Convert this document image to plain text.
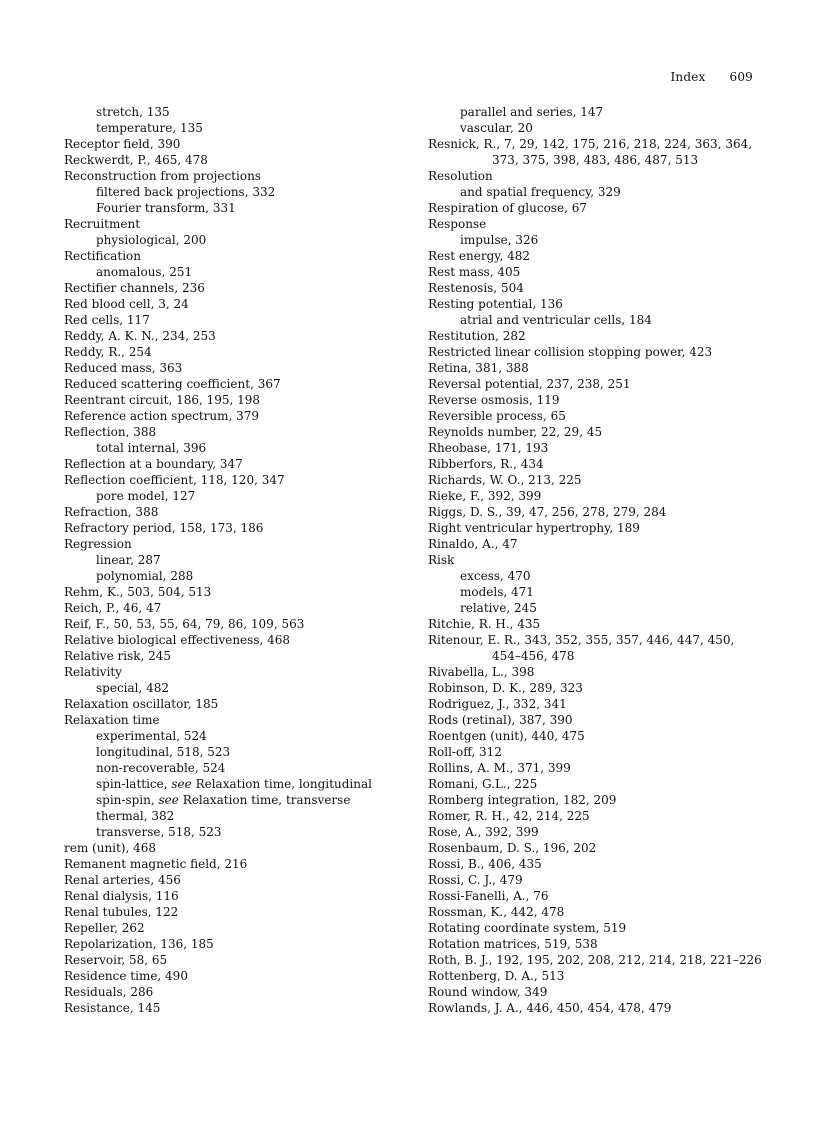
Index 609
stretch, 135
temperature, 135
Receptor field, 390
Reckwerdt, P., 465, 478
Reconstruction from projections
filtered back projections, 332
Fourier transform, 331
Recruitment
physiological, 200
Rectification
anomalous, 251
Rectifier channels, 236
Red blood cell, 3, 24
Red cells, 117
Reddy, A. K. N., 234, 253
Reddy, R., 254
Reduced mass, 363
Reduced scattering coefficient, 367
Reentrant circuit, 186, 195, 198
Reference action spectrum, 379
Reflection, 388
total internal, 396
Reflection at a boundary, 347
Reflection coefficient, 118, 120, 347
pore model, 127
Refraction, 388
Refractory period, 158, 173, 186
Regression
linear, 287
polynomial, 288
Rehm, K., 503, 504, 513
Reich, P., 46, 47
Reif, F., 50, 53, 55, 64, 79, 86, 109, 563
Relative biological effectiveness, 468
Relative risk, 245
Relativity
special, 482
Relaxation oscillator, 185
Relaxation time
experimental, 524
longitudinal, 518, 523
non-recoverable, 524
spin-lattice, see Relaxation time, longitudinal
spin-spin, see Relaxation time, transverse
thermal, 382
transverse, 518, 523
rem (unit), 468
Remanent magnetic field, 216
Renal arteries, 456
Renal dialysis, 116
Renal tubules, 122
Repeller, 262
Repolarization, 136, 185
Reservoir, 58, 65
Residence time, 490
Residuals, 286
Resistance, 145
parallel and series, 147
vascular, 20
Resnick, R., 7, 29, 142, 175, 216, 218, 224, 363, 364, 373, 375, 398, 483, 486, 487, 513
Resolution
and spatial frequency, 329
Respiration of glucose, 67
Response
impulse, 326
Rest energy, 482
Rest mass, 405
Restenosis, 504
Resting potential, 136
atrial and ventricular cells, 184
Restitution, 282
Restricted linear collision stopping power, 423
Retina, 381, 388
Reversal potential, 237, 238, 251
Reverse osmosis, 119
Reversible process, 65
Reynolds number, 22, 29, 45
Rheobase, 171, 193
Ribberfors, R., 434
Richards, W. O., 213, 225
Rieke, F., 392, 399
Riggs, D. S., 39, 47, 256, 278, 279, 284
Right ventricular hypertrophy, 189
Rinaldo, A., 47
Risk
excess, 470
models, 471
relative, 245
Ritchie, R. H., 435
Ritenour, E. R., 343, 352, 355, 357, 446, 447, 450, 454–456, 478
Rivabella, L., 398
Robinson, D. K., 289, 323
Rodriguez, J., 332, 341
Rods (retinal), 387, 390
Roentgen (unit), 440, 475
Roll-off, 312
Rollins, A. M., 371, 399
Romani, G.L., 225
Romberg integration, 182, 209
Romer, R. H., 42, 214, 225
Rose, A., 392, 399
Rosenbaum, D. S., 196, 202
Rossi, B., 406, 435
Rossi, C. J., 479
Rossi-Fanelli, A., 76
Rossman, K., 442, 478
Rotating coordinate system, 519
Rotation matrices, 519, 538
Roth, B. J., 192, 195, 202, 208, 212, 214, 218, 221–226
Rottenberg, D. A., 513
Round window, 349
Rowlands, J. A., 446, 450, 454, 478, 479
